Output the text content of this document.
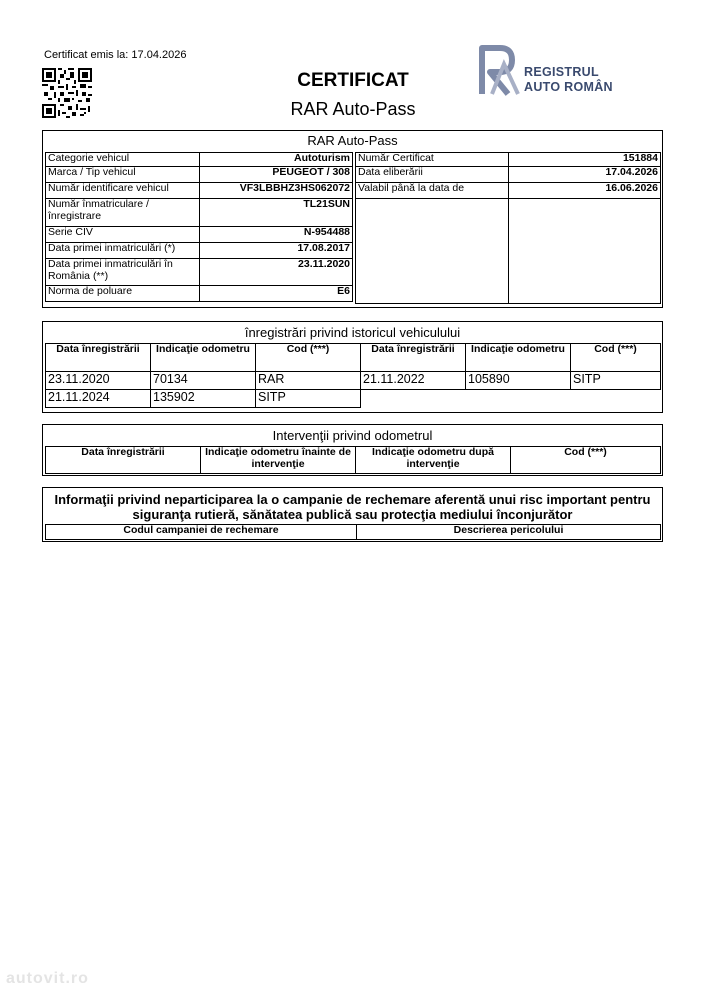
Certificat emis la: 17.04.2026
CERTIFICAT
RAR Auto-Pass
REGISTRUL
AUTO ROMÂN
RAR Auto-Pass
Categorie vehicul	Autoturism
Marca / Tip vehicul	PEUGEOT / 308
Număr identificare vehicul	VF3LBBHZ3HS062072
Număr înmatriculare / înregistrare	TL21SUN
Serie CIV	N-954488
Data primei inmatriculări (*)	17.08.2017
Data primei inmatriculări în România (**)	23.11.2020
Norma de poluare	E6
Număr Certificat	151884
Data eliberării	17.04.2026
Valabil până la data de	16.06.2026

înregistrări privind istoricul vehiculului
Data înregistrării	Indicaţie odometru	Cod (***)	Data înregistrării	Indicaţie odometru	Cod (***)
23.11.2020	70134	RAR	21.11.2022	105890	SITP
21.11.2024	135902	SITP			
Intervenţii privind odometrul
Data înregistrării	Indicaţie odometru înainte de intervenţie	Indicaţie odometru după intervenţie	Cod (***)
Informaţii privind neparticiparea la o campanie de rechemare aferentă unui risc important pentru siguranţa rutieră, sănătatea publică sau protecţia mediului înconjurător
Codul campaniei de rechemare	Descrierea pericolului
autovit.ro
